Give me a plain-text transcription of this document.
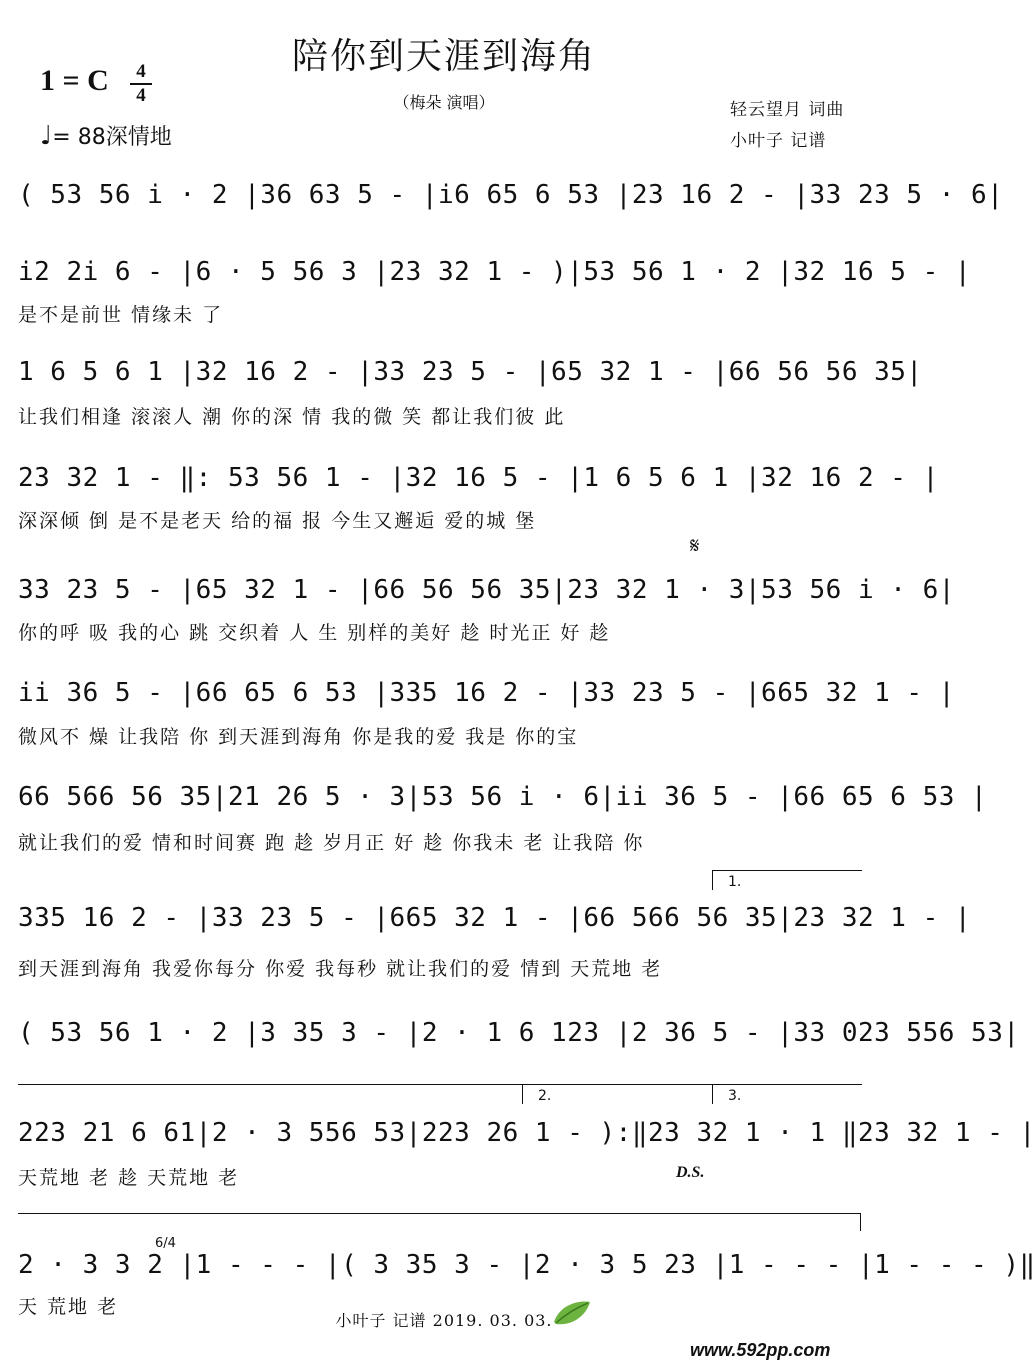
陪你到天涯到海角
（梅朵 演唱）
1 = C	4
4
♩= 88深情地
轻云望月 词曲
小叶子 记谱
( 53 56 i · 2 |36 63 5 - |i6 65 6 53 |23 16 2 - |33 23 5 · 6|
i2 2i 6 - |6 · 5 56 3 |23 32 1 - )|53 56 1 · 2 |32 16 5 - |
是不是前世 情缘未 了
1 6 5 6 1 |32 16 2 - |33 23 5 - |65 32 1 - |66 56 56 35|
让我们相逢 滚滚人 潮 你的深 情 我的微 笑 都让我们彼 此
23 32 1 - ‖: 53 56 1 - |32 16 5 - |1 6 5 6 1 |32 16 2 - |
深深倾 倒 是不是老天 给的福 报 今生又邂逅 爱的城 堡
𝄋
33 23 5 - |65 32 1 - |66 56 56 35|23 32 1 · 3|53 56 i · 6|
你的呼 吸 我的心 跳 交织着 人 生 别样的美好 趁 时光正 好 趁
ii 36 5 - |66 65 6 53 |335 16 2 - |33 23 5 - |665 32 1 - |
微风不 燥 让我陪 你 到天涯到海角 你是我的爱 我是 你的宝
66 566 56 35|21 26 5 · 3|53 56 i · 6|ii 36 5 - |66 65 6 53 |
就让我们的爱 情和时间赛 跑 趁 岁月正 好 趁 你我未 老 让我陪 你
1.
335 16 2 - |33 23 5 - |665 32 1 - |66 566 56 35|23 32 1 - |
到天涯到海角 我爱你每分 你爱 我每秒 就让我们的爱 情到 天荒地 老
( 53 56 1 · 2 |3 35 3 - |2 · 1 6 123 |2 36 5 - |33 023 556 53|
2.	3.
223 21 6 61|2 · 3 556 53|223 26 1 - ):‖23 32 1 · 1 ‖23 32 1 - |
天荒地 老 趁 天荒地 老	D.S.
6/4
2 · 3 3 2 |1 - - - |( 3 35 3 - |2 · 3 5 23 |1 - - - |1 - - - )‖
天 荒地 老
小叶子 记谱 2019. 03. 03.
www.592pp.com
